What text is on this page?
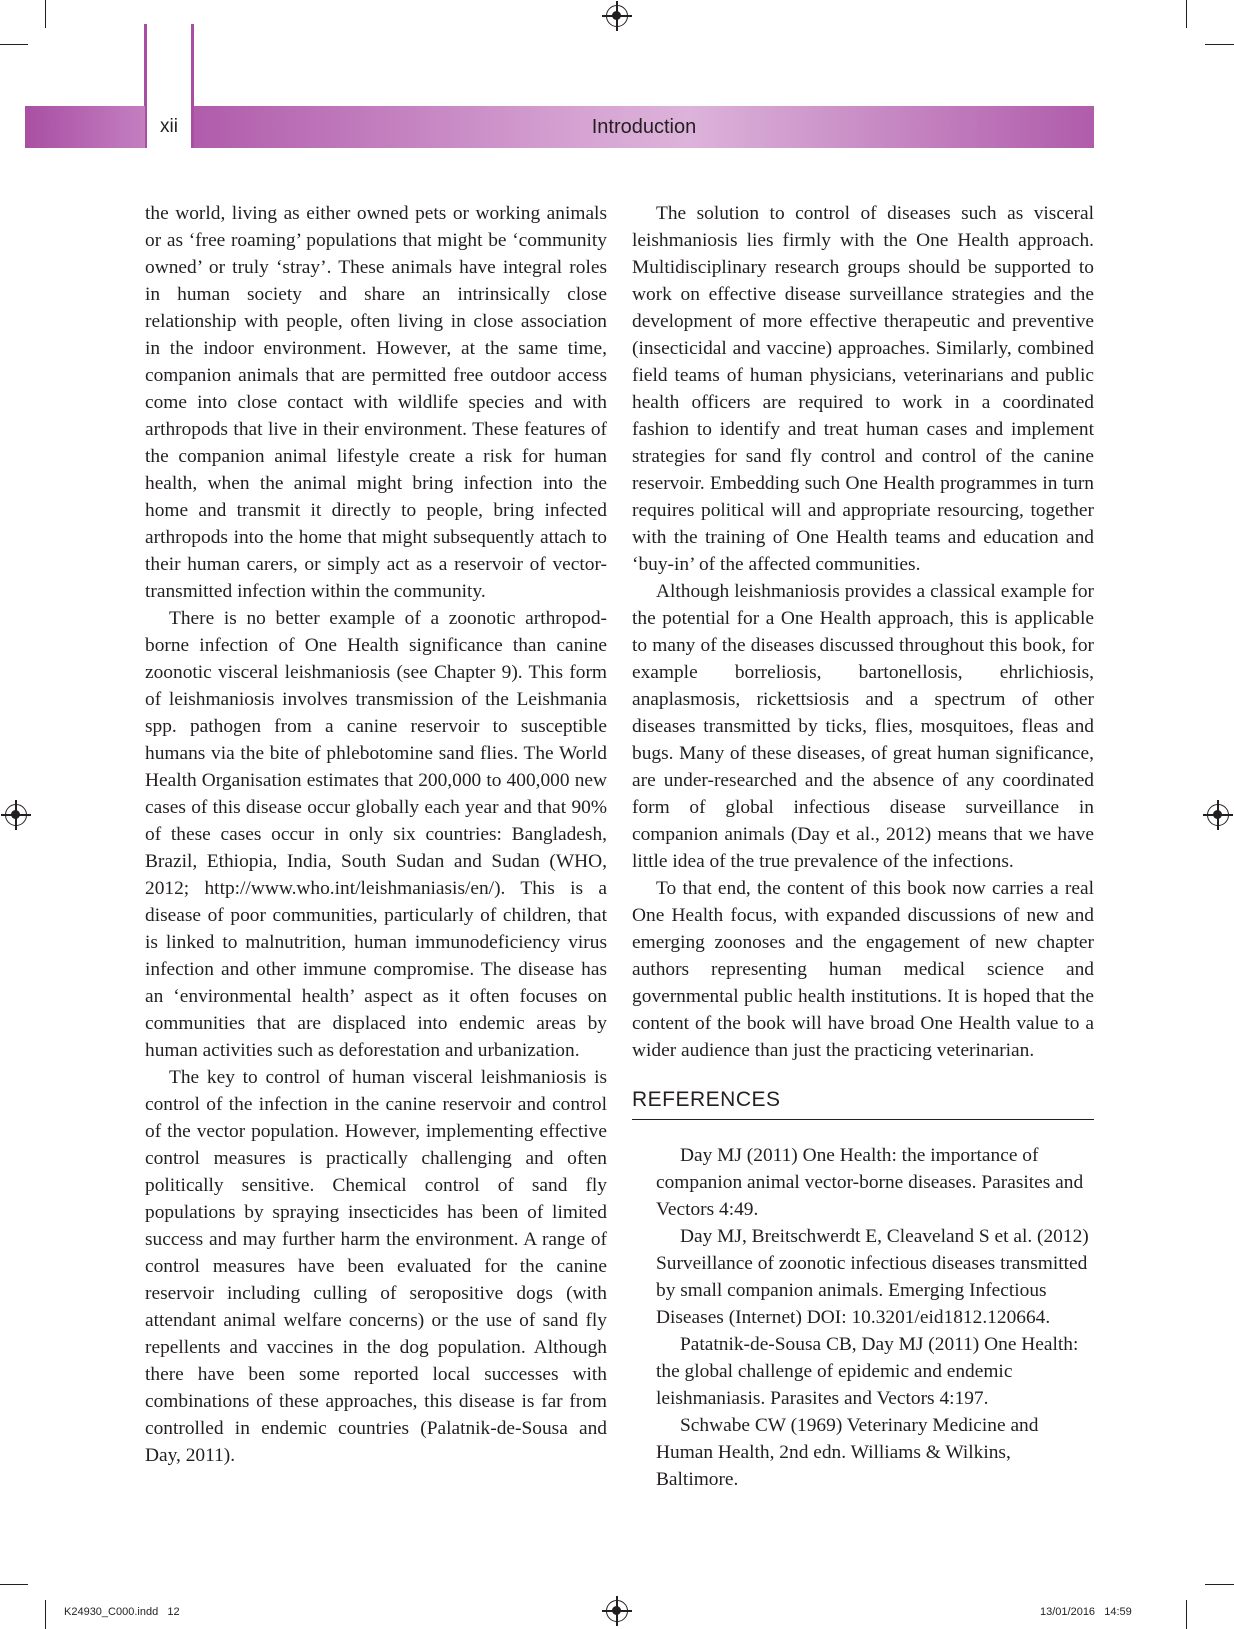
xii	Introduction

the world, living as either owned pets or working animals or as ‘free roaming’ populations that might be ‘community owned’ or truly ‘stray’. These animals have integral roles in human society and share an intrinsically close relationship with people, often living in close association in the indoor environment. However, at the same time, companion animals that are permitted free outdoor access come into close contact with wildlife species and with arthropods that live in their environment. These features of the companion animal lifestyle create a risk for human health, when the animal might bring infection into the home and transmit it directly to people, bring infected arthropods into the home that might subsequently attach to their human carers, or simply act as a reservoir of vector-transmitted infection within the community.

There is no better example of a zoonotic arthropod-borne infection of One Health significance than canine zoonotic visceral leishmaniosis (see Chapter 9). This form of leishmaniosis involves transmission of the Leishmania spp. pathogen from a canine reservoir to susceptible humans via the bite of phlebotomine sand flies. The World Health Organisation estimates that 200,000 to 400,000 new cases of this disease occur globally each year and that 90% of these cases occur in only six countries: Bangladesh, Brazil, Ethiopia, India, South Sudan and Sudan (WHO, 2012; http://www.who.int/leishmaniasis/en/). This is a disease of poor communities, particularly of children, that is linked to malnutrition, human immunodeficiency virus infection and other immune compromise. The disease has an ‘environmental health’ aspect as it often focuses on communities that are displaced into endemic areas by human activities such as deforestation and urbanization.

The key to control of human visceral leishmaniosis is control of the infection in the canine reservoir and control of the vector population. However, implementing effective control measures is practically challenging and often politically sensitive. Chemical control of sand fly populations by spraying insecticides has been of limited success and may further harm the environment. A range of control measures have been evaluated for the canine reservoir including culling of seropositive dogs (with attendant animal welfare concerns) or the use of sand fly repellents and vaccines in the dog population. Although there have been some reported local successes with combinations of these approaches, this disease is far from controlled in endemic countries (Palatnik-de-Sousa and Day, 2011).

The solution to control of diseases such as visceral leishmaniosis lies firmly with the One Health approach. Multidisciplinary research groups should be supported to work on effective disease surveillance strategies and the development of more effective therapeutic and preventive (insecticidal and vaccine) approaches. Similarly, combined field teams of human physicians, veterinarians and public health officers are required to work in a coordinated fashion to identify and treat human cases and implement strategies for sand fly control and control of the canine reservoir. Embedding such One Health programmes in turn requires political will and appropriate resourcing, together with the training of One Health teams and education and ‘buy-in’ of the affected communities.

Although leishmaniosis provides a classical example for the potential for a One Health approach, this is applicable to many of the diseases discussed throughout this book, for example borreliosis, bartonellosis, ehrlichiosis, anaplasmosis, rickettsiosis and a spectrum of other diseases transmitted by ticks, flies, mosquitoes, fleas and bugs. Many of these diseases, of great human significance, are under-researched and the absence of any coordinated form of global infectious disease surveillance in companion animals (Day et al., 2012) means that we have little idea of the true prevalence of the infections.

To that end, the content of this book now carries a real One Health focus, with expanded discussions of new and emerging zoonoses and the engagement of new chapter authors representing human medical science and governmental public health institutions. It is hoped that the content of the book will have broad One Health value to a wider audience than just the practicing veterinarian.

REFERENCES

Day MJ (2011) One Health: the importance of companion animal vector-borne diseases. Parasites and Vectors 4:49.

Day MJ, Breitschwerdt E, Cleaveland S et al. (2012) Surveillance of zoonotic infectious diseases transmitted by small companion animals. Emerging Infectious Diseases (Internet) DOI: 10.3201/eid1812.120664.

Patatnik-de-Sousa CB, Day MJ (2011) One Health: the global challenge of epidemic and endemic leishmaniasis. Parasites and Vectors 4:197.

Schwabe CW (1969) Veterinary Medicine and Human Health, 2nd edn. Williams & Wilkins, Baltimore.

K24930_C000.indd   12	13/01/2016   14:59
